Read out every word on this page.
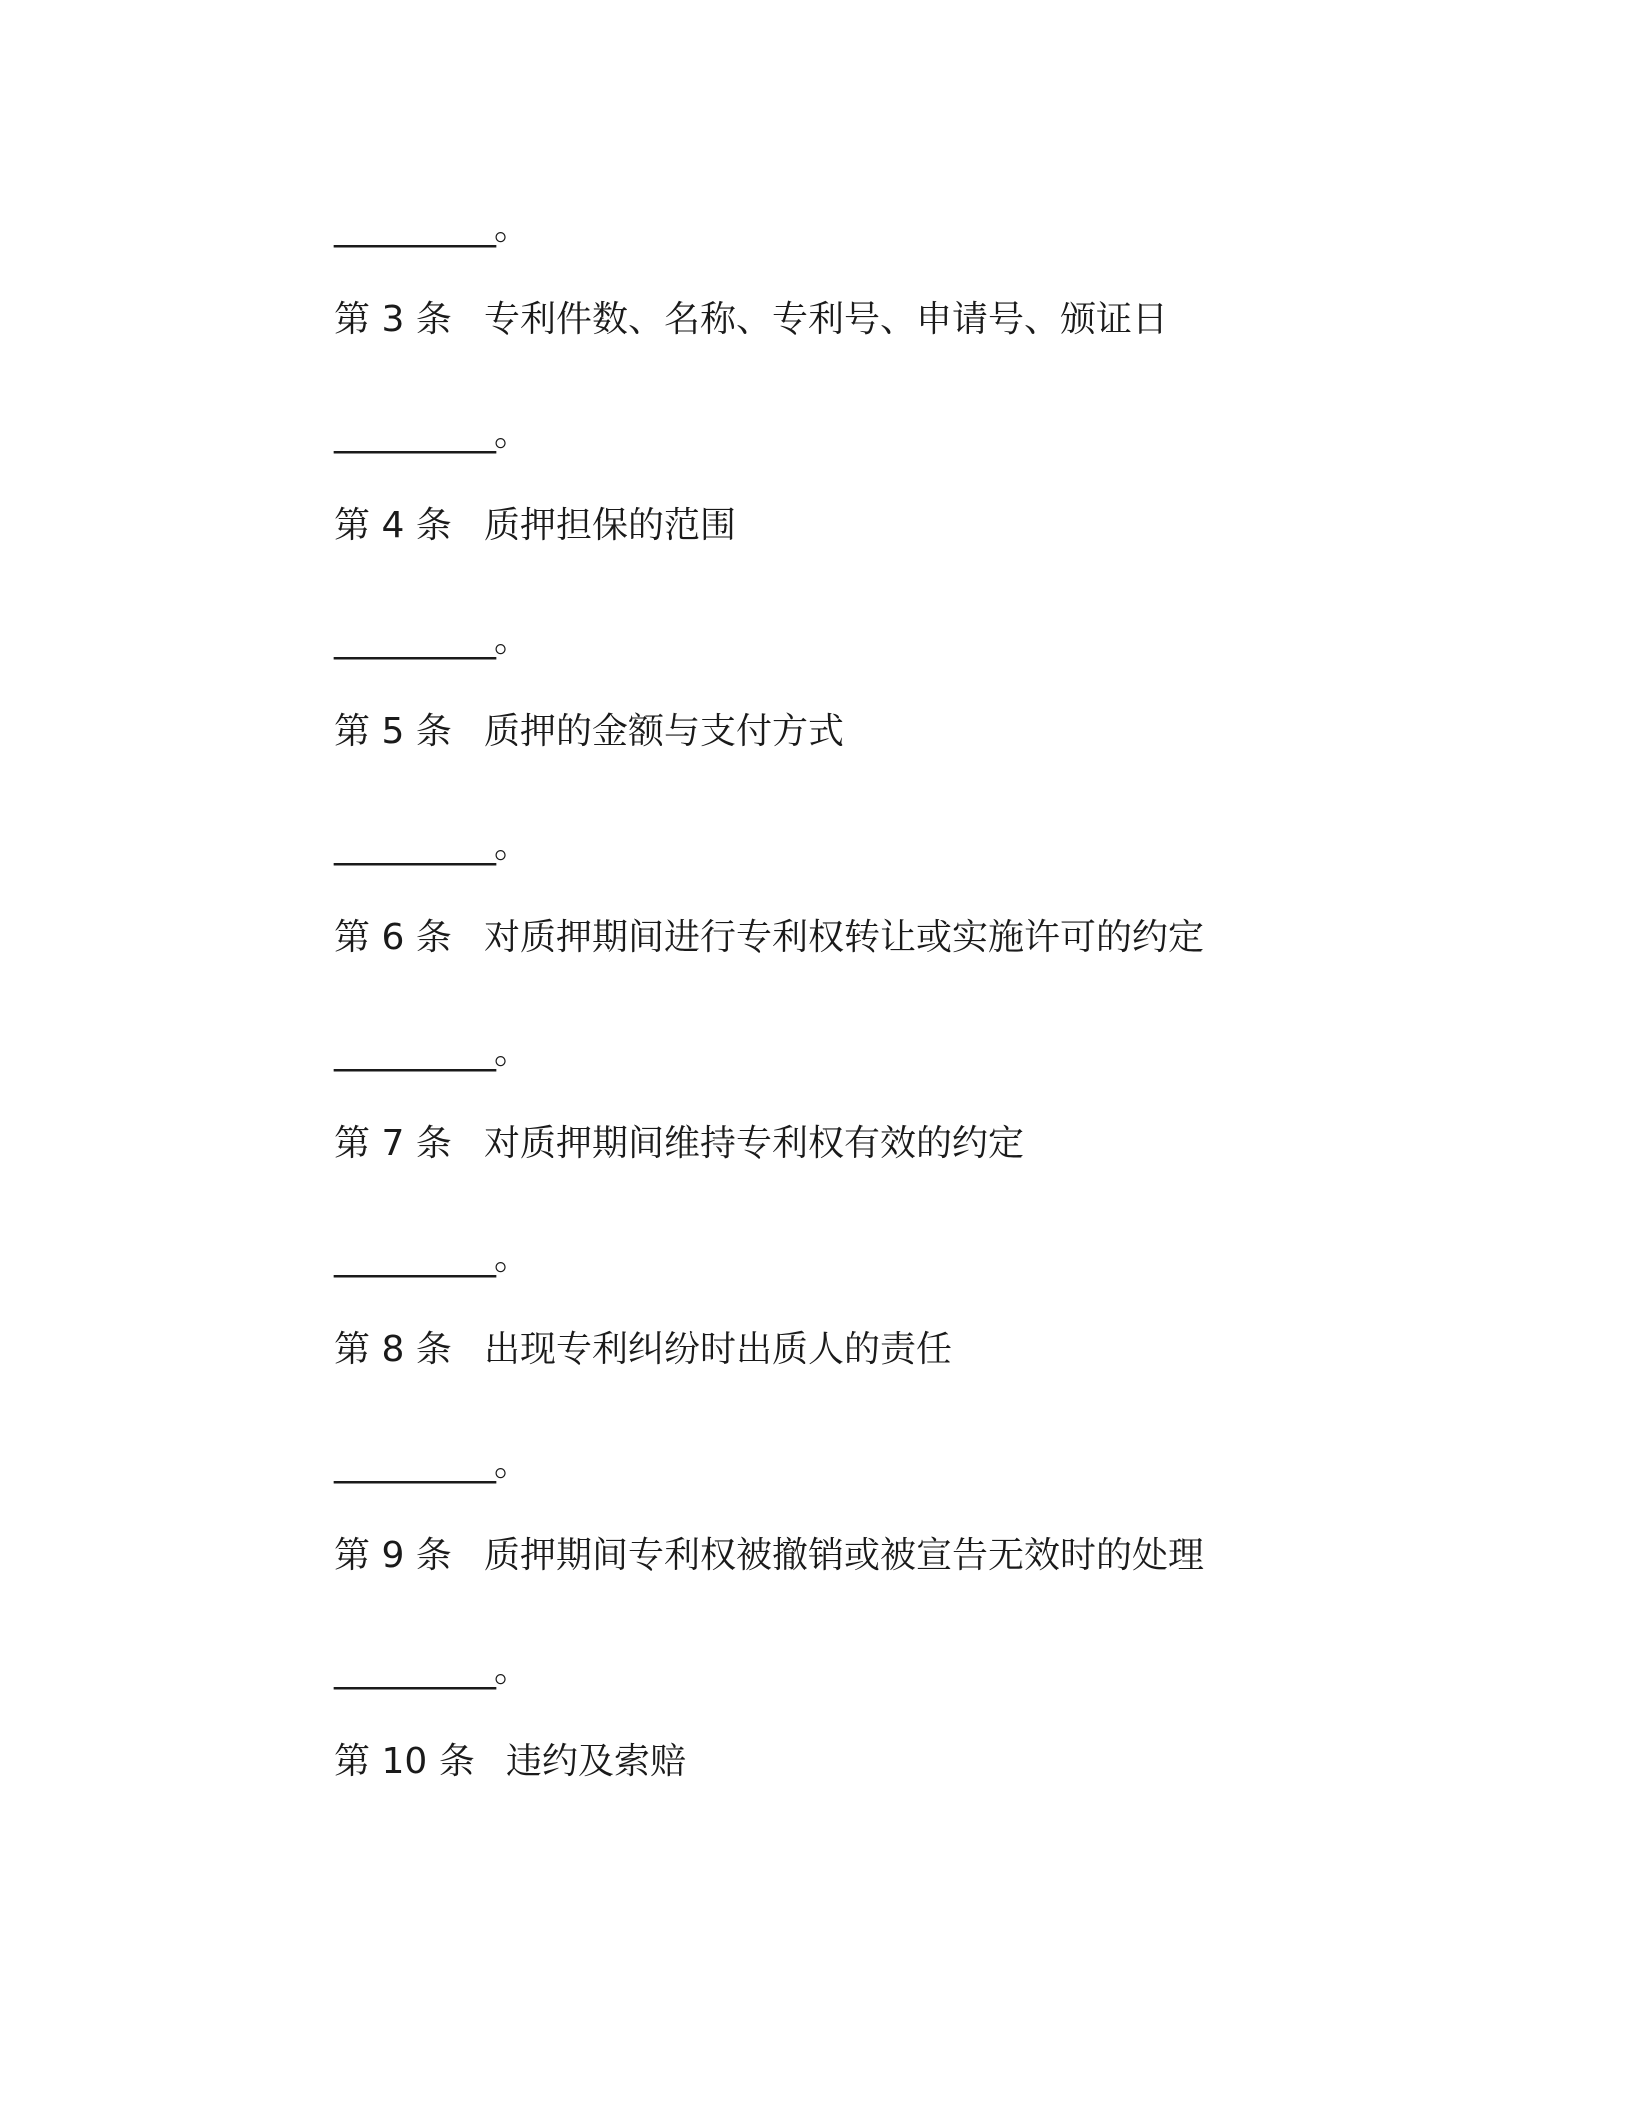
__________。
第 3 条 专利件数、名称、专利号、申请号、颁证日
__________。
第 4 条 质押担保的范围
__________。
第 5 条 质押的金额与支付方式
__________。
第 6 条 对质押期间进行专利权转让或实施许可的约定
__________。
第 7 条 对质押期间维持专利权有效的约定
__________。
第 8 条 出现专利纠纷时出质人的责任
__________。
第 9 条 质押期间专利权被撤销或被宣告无效时的处理
__________。
第 10 条 违约及索赔
